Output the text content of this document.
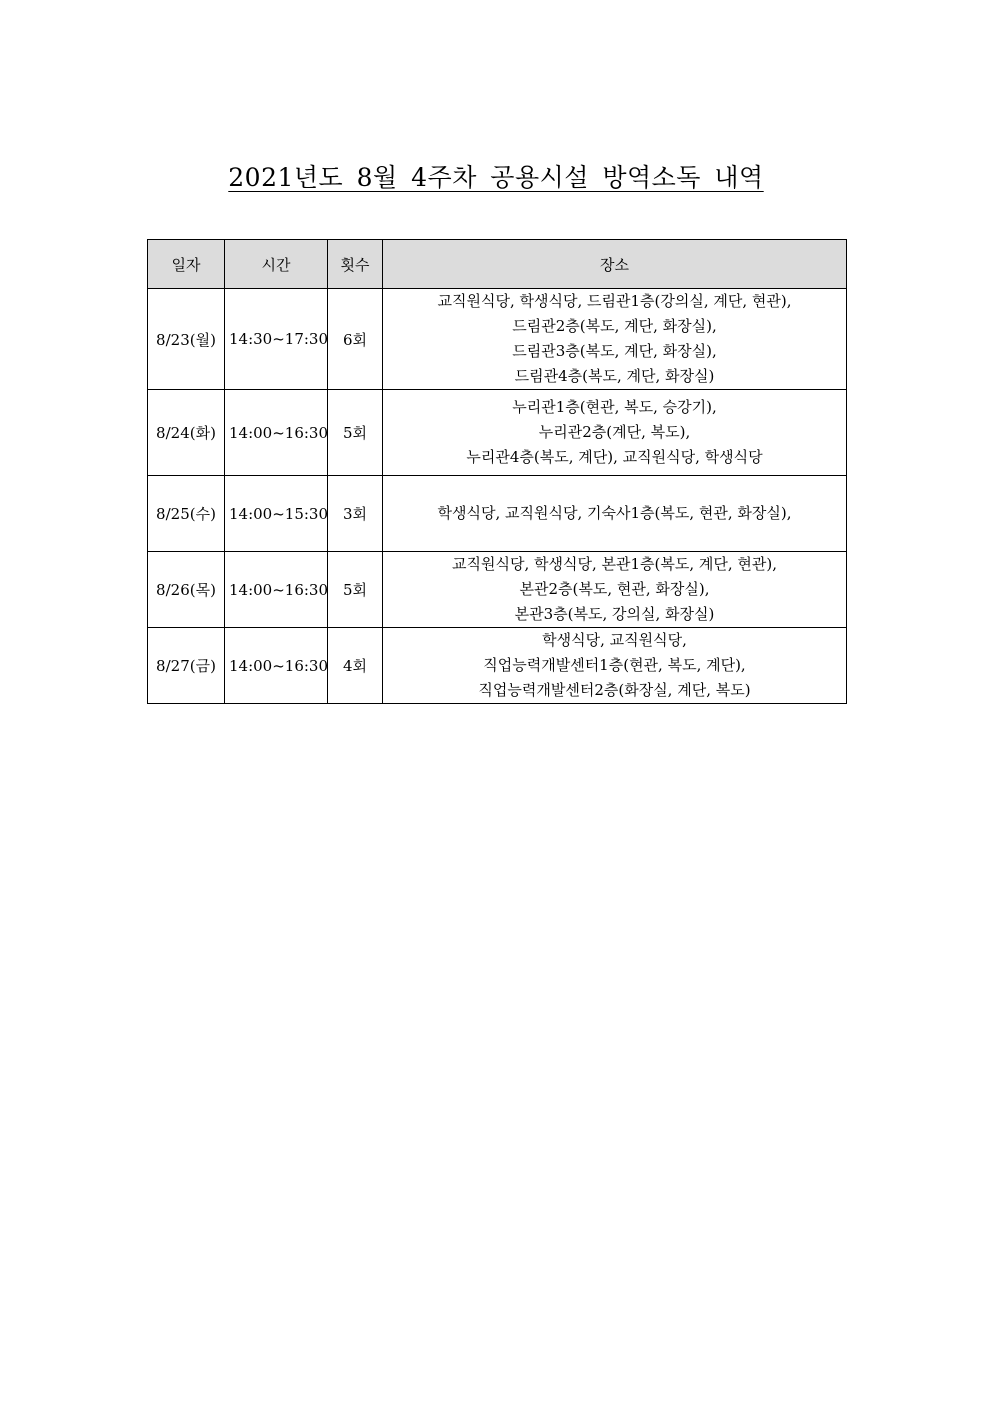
2021년도 8월 4주차 공용시설 방역소독 내역
일자	시간	횟수	장소
8/23(월)	14:30~17:30	6회	교직원식당, 학생식당, 드림관1층(강의실, 계단, 현관),
드림관2층(복도, 계단, 화장실),
드림관3층(복도, 계단, 화장실),
드림관4층(복도, 계단, 화장실)

8/24(화)	14:00~16:30	5회	누리관1층(현관, 복도, 승강기),
누리관2층(계단, 복도),
누리관4층(복도, 계단), 교직원식당, 학생식당

8/25(수)	14:00~15:30	3회	학생식당, 교직원식당, 기숙사1층(복도, 현관, 화장실),

8/26(목)	14:00~16:30	5회	교직원식당, 학생식당, 본관1층(복도, 계단, 현관),
본관2층(복도, 현관, 화장실),
본관3층(복도, 강의실, 화장실)

8/27(금)	14:00~16:30	4회	학생식당, 교직원식당,
직업능력개발센터1층(현관, 복도, 계단),
직업능력개발센터2층(화장실, 계단, 복도)
